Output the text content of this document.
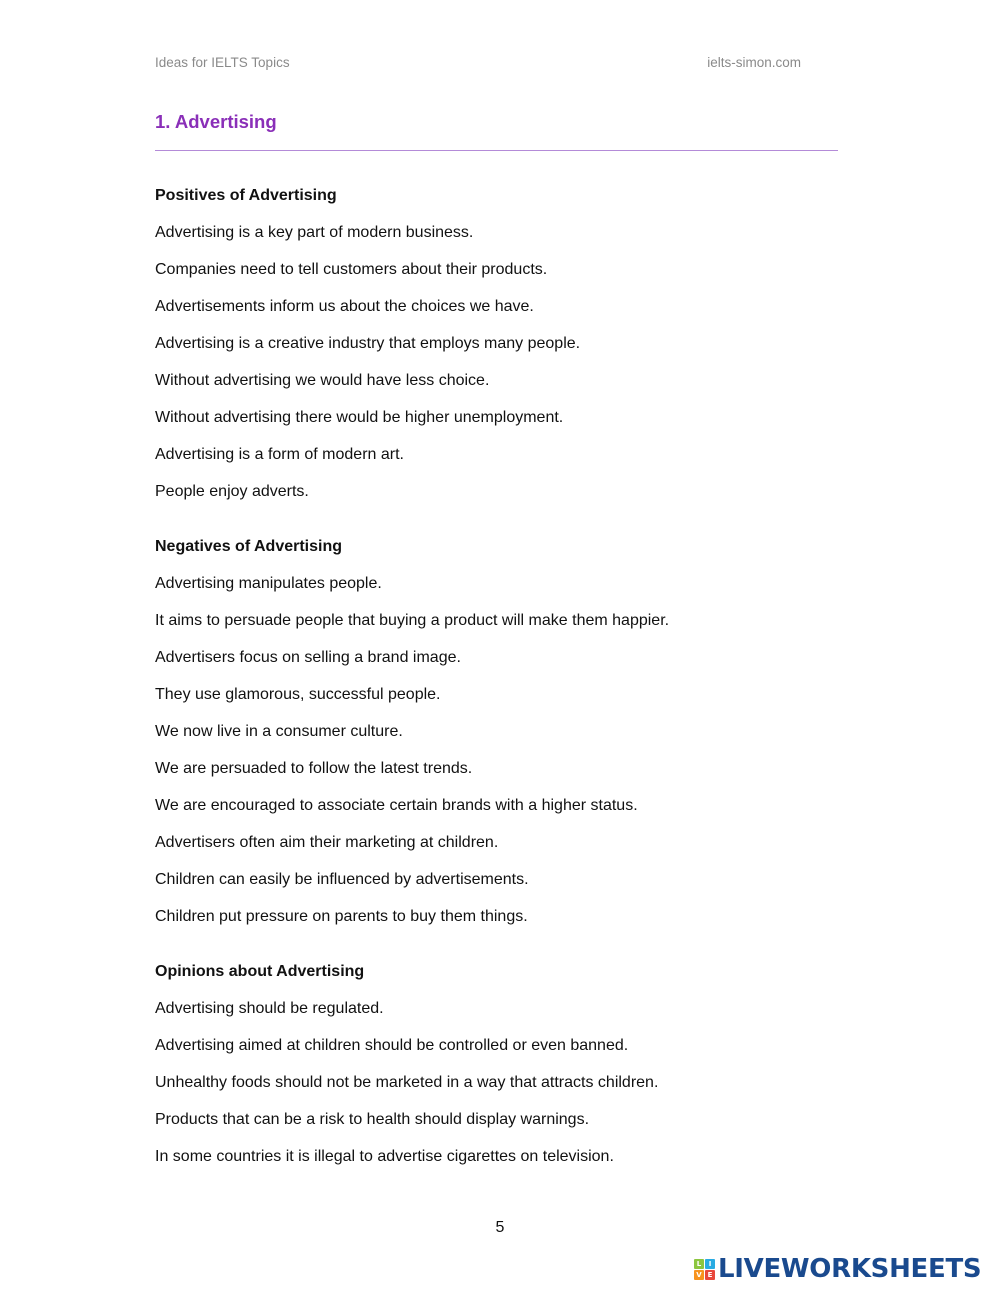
Ideas for IELTS Topics	ielts-simon.com
1. Advertising
Positives of Advertising
Advertising is a key part of modern business.
Companies need to tell customers about their products.
Advertisements inform us about the choices we have.
Advertising is a creative industry that employs many people.
Without advertising we would have less choice.
Without advertising there would be higher unemployment.
Advertising is a form of modern art.
People enjoy adverts.
Negatives of Advertising
Advertising manipulates people.
It aims to persuade people that buying a product will make them happier.
Advertisers focus on selling a brand image.
They use glamorous, successful people.
We now live in a consumer culture.
We are persuaded to follow the latest trends.
We are encouraged to associate certain brands with a higher status.
Advertisers often aim their marketing at children.
Children can easily be influenced by advertisements.
Children put pressure on parents to buy them things.
Opinions about Advertising
Advertising should be regulated.
Advertising aimed at children should be controlled or even banned.
Unhealthy foods should not be marketed in a way that attracts children.
Products that can be a risk to health should display warnings.
In some countries it is illegal to advertise cigarettes on television.
5
L	I
V E LIVEWORKSHEETS
